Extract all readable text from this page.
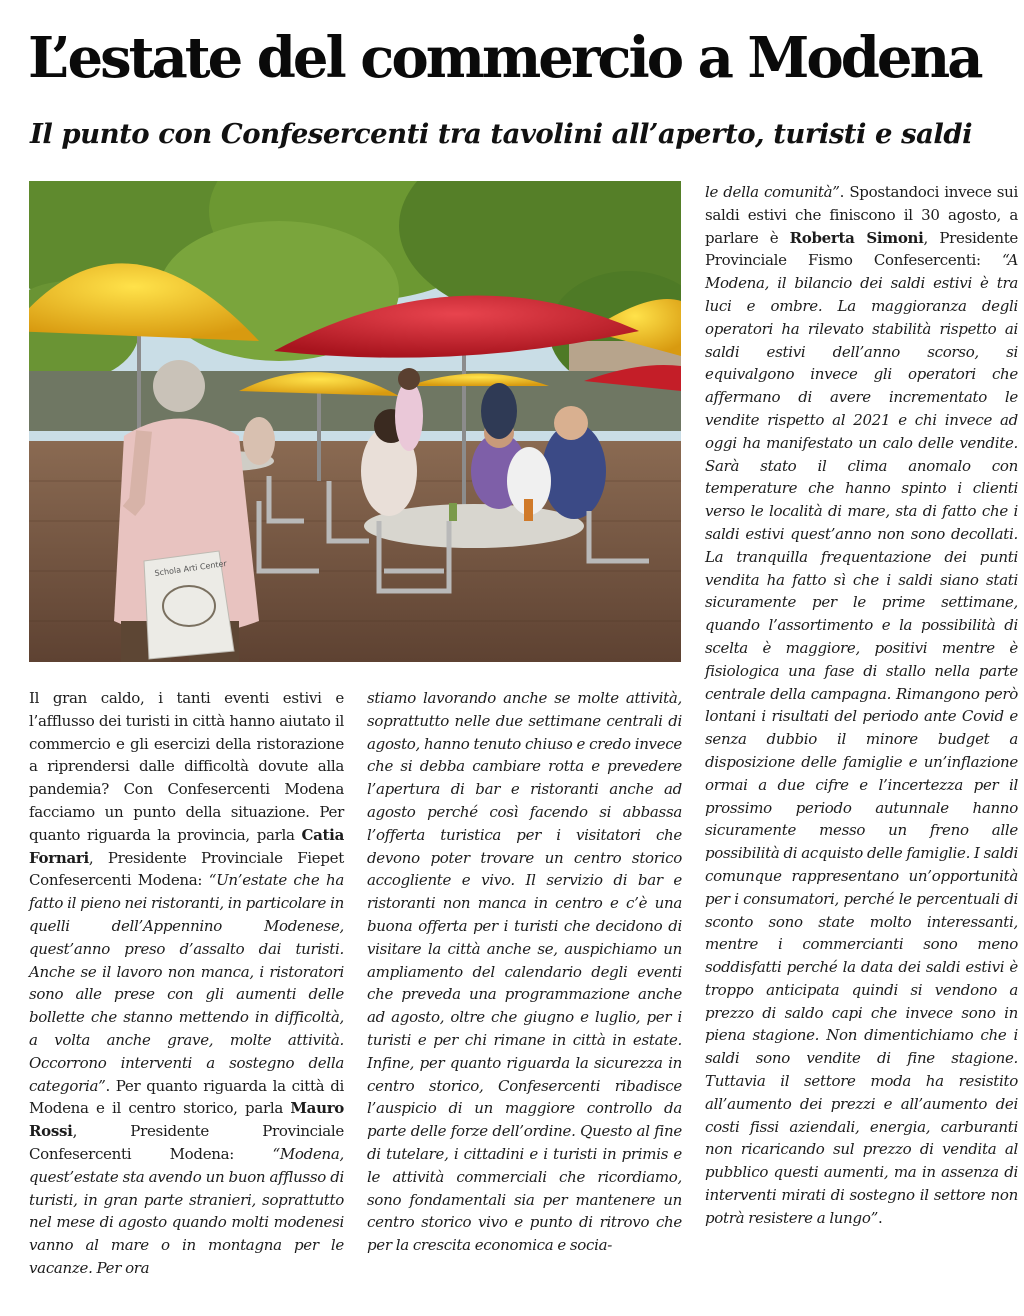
L’estate del commercio a Modena
Il punto con Confesercenti tra tavolini all’aperto, turisti e saldi
Schola Arti Center

Il gran caldo, i tanti eventi estivi e l’afflusso dei turisti in città hanno aiutato il commercio e gli esercizi della ristorazione a riprendersi dalle difficoltà dovute alla pandemia? Con Confesercenti Modena facciamo un punto della situazione. Per quanto riguarda la provincia, parla Catia Fornari, Presidente Provinciale Fiepet Confesercenti Modena: “Un’estate che ha fatto il pieno nei ristoranti, in particolare in quelli dell’Appennino Modenese, quest’anno preso d’assalto dai turisti. Anche se il lavoro non manca, i ristoratori sono alle prese con gli aumenti delle bollette che stanno mettendo in difficoltà, a volta anche grave, molte attività. Occorrono interventi a sostegno della categoria”. Per quanto riguarda la città di Modena e il centro storico, parla Mauro Rossi, Presidente Provinciale Confesercenti Modena: “Modena, quest’estate sta avendo un buon afflusso di turisti, in gran parte stranieri, soprattutto nel mese di agosto quando molti modenesi vanno al mare o in montagna per le vacanze. Per ora

stiamo lavorando anche se molte attività, soprattutto nelle due settimane centrali di agosto, hanno tenuto chiuso e credo invece che si debba cambiare rotta e prevedere l’apertura di bar e ristoranti anche ad agosto perché così facendo si abbassa l’offerta turistica per i visitatori che devono poter trovare un centro storico accogliente e vivo. Il servizio di bar e ristoranti non manca in centro e c’è una buona offerta per i turisti che decidono di visitare la città anche se, auspichiamo un ampliamento del calendario degli eventi che preveda una programmazione anche ad agosto, oltre che giugno e luglio, per i turisti e per chi rimane in città in estate. Infine, per quanto riguarda la sicurezza in centro storico, Confesercenti ribadisce l’auspicio di un maggiore controllo da parte delle forze dell’ordine. Questo al fine di tutelare, i cittadini e i turisti in primis e le attività commerciali che ricordiamo, sono fondamentali sia per mantenere un centro storico vivo e punto di ritrovo che per la crescita economica e socia-

le della comunità”. Spostandoci invece sui saldi estivi che finiscono il 30 agosto, a parlare è Roberta Simoni, Presidente Provinciale Fismo Confesercenti: “A Modena, il bilancio dei saldi estivi è tra luci e ombre. La maggioranza degli operatori ha rilevato stabilità rispetto ai saldi estivi dell’anno scorso, si equivalgono invece gli operatori che affermano di avere incrementato le vendite rispetto al 2021 e chi invece ad oggi ha manifestato un calo delle vendite. Sarà stato il clima anomalo con temperature che hanno spinto i clienti verso le località di mare, sta di fatto che i saldi estivi quest’anno non sono decollati. La tranquilla frequentazione dei punti vendita ha fatto sì che i saldi siano stati sicuramente per le prime settimane, quando l’assortimento e la possibilità di scelta è maggiore, positivi mentre è fisiologica una fase di stallo nella parte centrale della campagna. Rimangono però lontani i risultati del periodo ante Covid e senza dubbio il minore budget a disposizione delle famiglie e un’inflazione ormai a due cifre e l’incertezza per il prossimo periodo autunnale hanno sicuramente messo un freno alle possibilità di acquisto delle famiglie. I saldi comunque rappresentano un’opportunità per i consumatori, perché le percentuali di sconto sono state molto interessanti, mentre i commercianti sono meno soddisfatti perché la data dei saldi estivi è troppo anticipata quindi si vendono a prezzo di saldo capi che invece sono in piena stagione. Non dimentichiamo che i saldi sono vendite di fine stagione. Tuttavia il settore moda ha resistito all’aumento dei prezzi e all’aumento dei costi fissi aziendali, energia, carburanti non ricaricando sul prezzo di vendita al pubblico questi aumenti, ma in assenza di interventi mirati di sostegno il settore non potrà resistere a lungo”.
